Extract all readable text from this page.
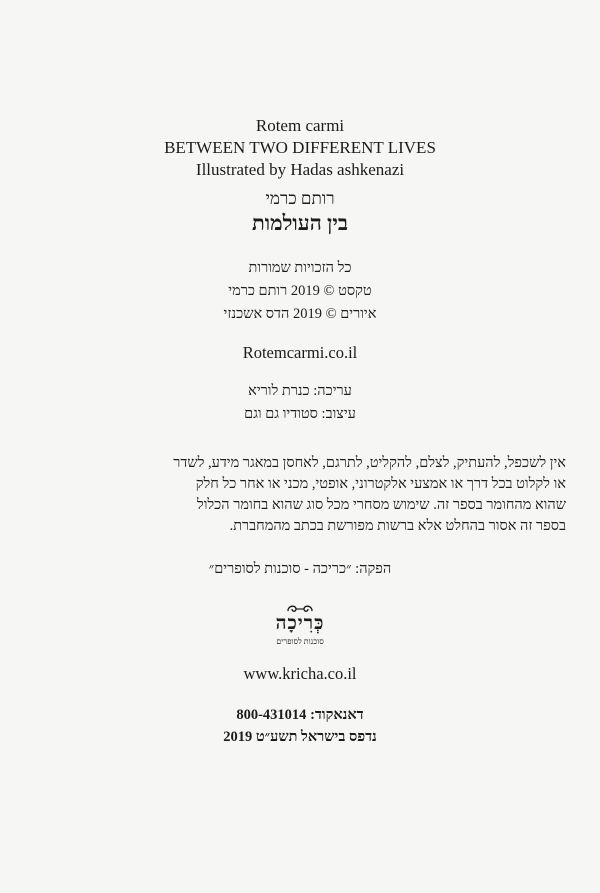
Rotem carmi
BETWEEN TWO DIFFERENT LIVES
Illustrated by Hadas ashkenazi
רותם כרמי
בין העולמות
כל הזכויות שמורות
טקסט © 2019 רותם כרמי
איורים © 2019 הדס אשכנזי
Rotemcarmi.co.il
עריכה: כנרת לוריא
עיצוב: סטודיו גם וגם
אין לשכפל, להעתיק, לצלם, להקליט, לתרגם, לאחסן במאגר מידע, לשדר
או לקלוט בכל דרך או אמצעי אלקטרוני, אופטי, מכני או אחר כל חלק
שהוא מהחומר בספר זה. שימוש מסחרי מכל סוג שהוא בחומר הכלול
בספר זה אסור בהחלט אלא ברשות מפורשת בכתב מהמחברת.
הפקה: ״כריכה - סוכנות לסופרים״
כְּרִיכָה
סוכנות לסופרים
www.kricha.co.il
דאנאקוד: 800-431014
נדפס בישראל תשע״ט 2019
